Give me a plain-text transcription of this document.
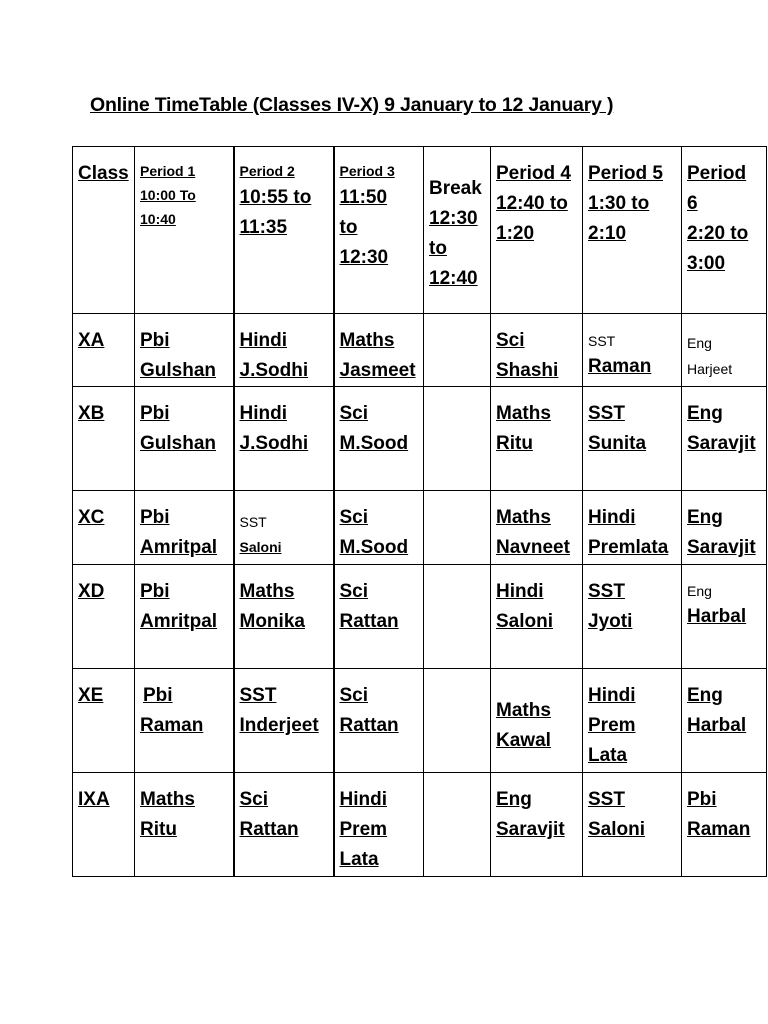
Online TimeTable (Classes IV-X) 9 January to 12 January )
Class	Period 1
10:00 To
10:40	Period 2
10:55 to
11:35	Period 3
11:50
to
12:30	Break
12:30
to
12:40	Period 4
12:40 to
1:20	Period 5
1:30 to
2:10	Period
6
2:20 to
3:00

XA	Pbi
Gulshan	Hindi
J.Sodhi	Maths
Jasmeet		Sci
Shashi	SST
Raman	Eng
Harjeet

XB	Pbi
Gulshan	Hindi
J.Sodhi	Sci
M.Sood		Maths
Ritu	SST
Sunita	Eng
Saravjit

XC	Pbi
Amritpal	SST
Saloni	Sci
M.Sood		Maths
Navneet	Hindi
Premlata	Eng
Saravjit

XD	Pbi
Amritpal	Maths
Monika	Sci
Rattan		Hindi
Saloni	SST
Jyoti	Eng
Harbal

XE	Pbi
Raman	SST
Inderjeet	Sci
Rattan		Maths
Kawal	Hindi
Prem
Lata	Eng
Harbal

IXA	Maths
Ritu	Sci
Rattan	Hindi
Prem
Lata		Eng
Saravjit	SST
Saloni	Pbi
Raman
